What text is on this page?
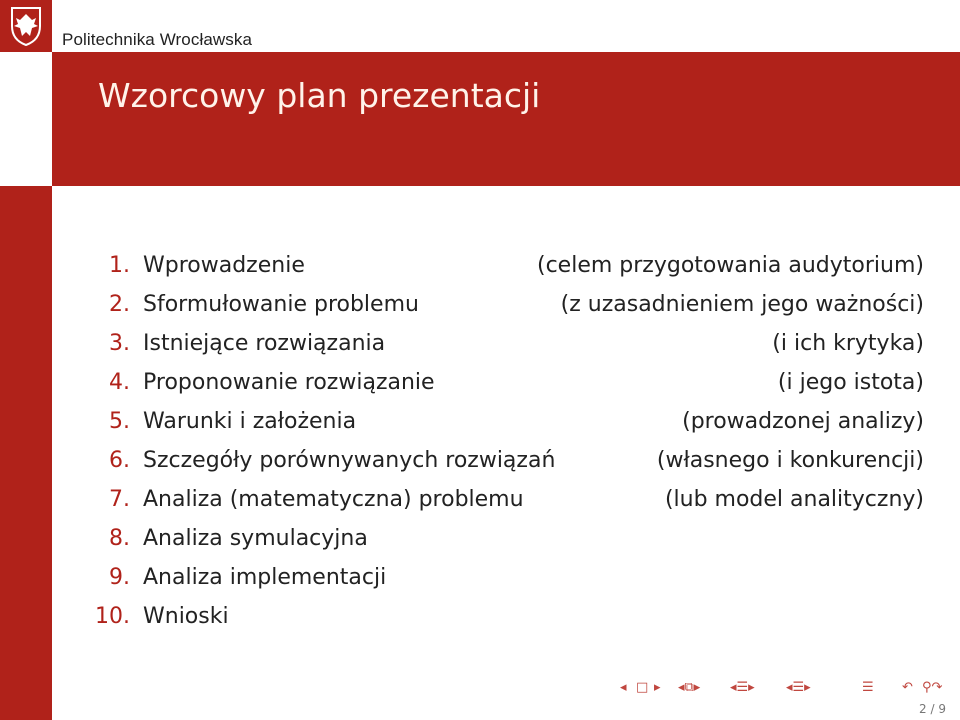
Politechnika Wrocławska
Wzorcowy plan prezentacji
1. Wprowadzenie	(celem przygotowania audytorium)
2. Sformułowanie problemu	(z uzasadnieniem jego ważności)
3. Istniejące rozwiązania	(i ich krytyka)
4. Proponowanie rozwiązanie	(i jego istota)
5. Warunki i założenia	(prowadzonej analizy)
6. Szczegóły porównywanych rozwiązań	(własnego i konkurencji)
7. Analiza (matematyczna) problemu	(lub model analityczny)
8. Analiza symulacyjna
9. Analiza implementacji
10. Wnioski
◂ □ ▸ ◂⧉▸ ◂☰▸ ◂☰▸	☰ ↶ ⚲↷
2 / 9
